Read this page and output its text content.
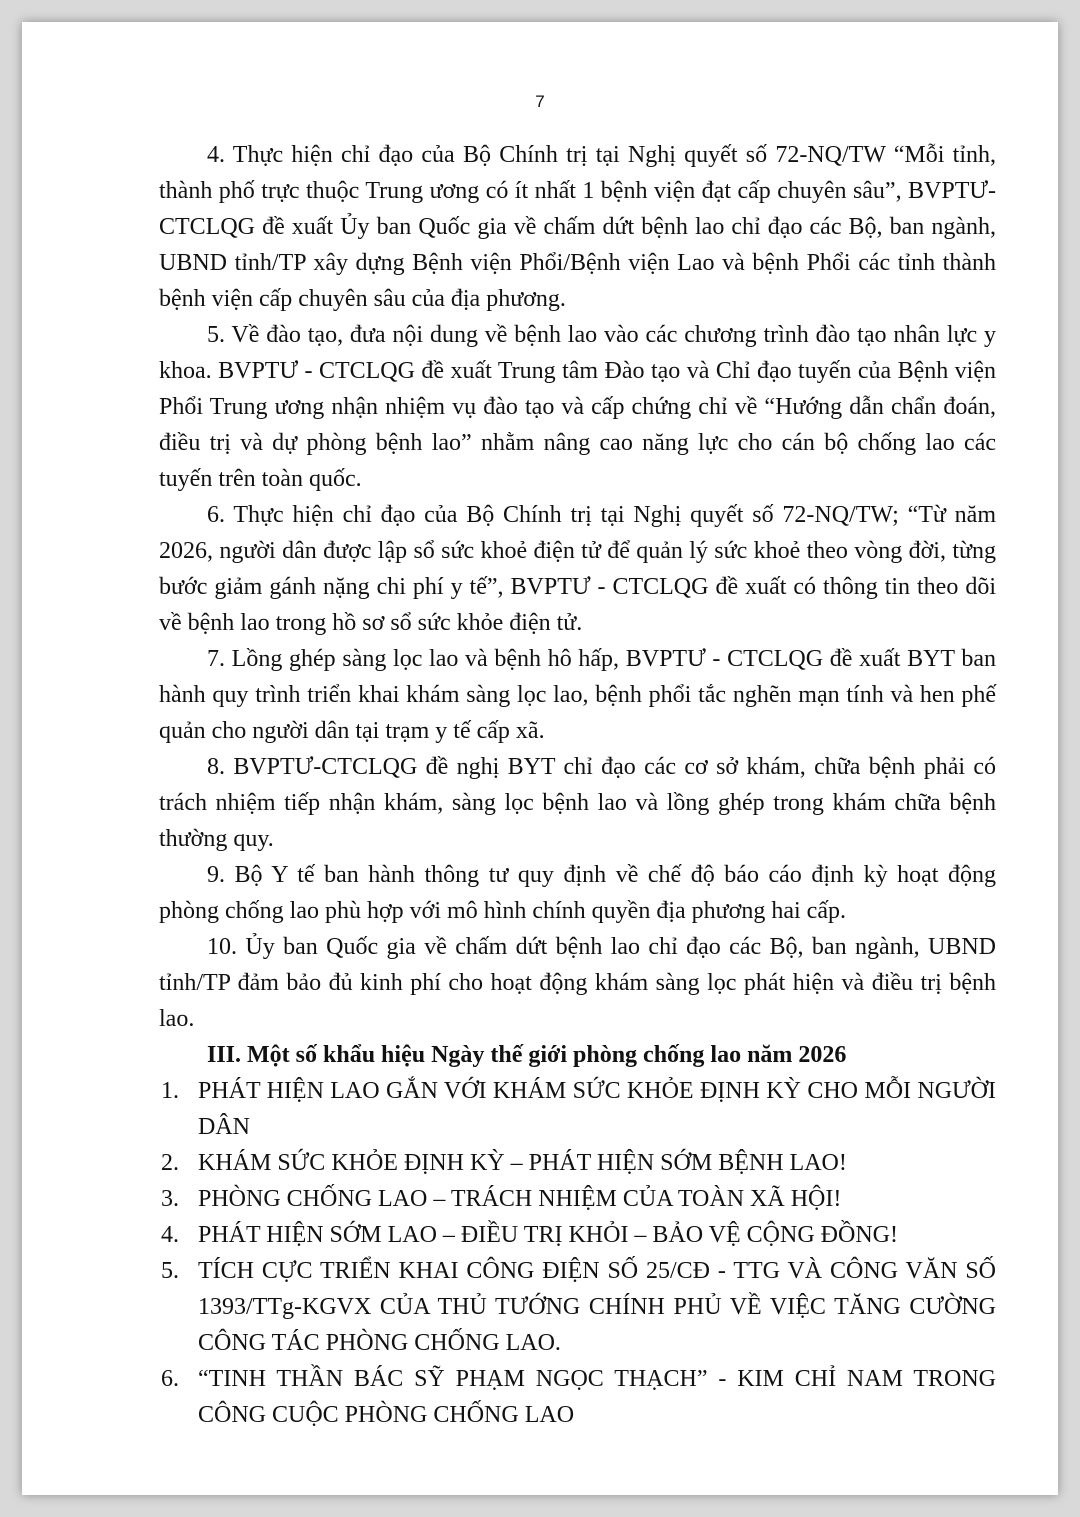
7

4. Thực hiện chỉ đạo của Bộ Chính trị tại Nghị quyết số 72-NQ/TW “Mỗi tỉnh, thành phố trực thuộc Trung ương có ít nhất 1 bệnh viện đạt cấp chuyên sâu”, BVPTƯ-CTCLQG đề xuất Ủy ban Quốc gia về chấm dứt bệnh lao chỉ đạo các Bộ, ban ngành, UBND tỉnh/TP xây dựng Bệnh viện Phổi/Bệnh viện Lao và bệnh Phổi các tỉnh thành bệnh viện cấp chuyên sâu của địa phương.

5. Về đào tạo, đưa nội dung về bệnh lao vào các chương trình đào tạo nhân lực y khoa. BVPTƯ - CTCLQG đề xuất Trung tâm Đào tạo và Chỉ đạo tuyến của Bệnh viện Phổi Trung ương nhận nhiệm vụ đào tạo và cấp chứng chỉ về “Hướng dẫn chẩn đoán, điều trị và dự phòng bệnh lao” nhằm nâng cao năng lực cho cán bộ chống lao các tuyến trên toàn quốc.

6. Thực hiện chỉ đạo của Bộ Chính trị tại Nghị quyết số 72-NQ/TW; “Từ năm 2026, người dân được lập sổ sức khoẻ điện tử để quản lý sức khoẻ theo vòng đời, từng bước giảm gánh nặng chi phí y tế”, BVPTƯ - CTCLQG đề xuất có thông tin theo dõi về bệnh lao trong hồ sơ sổ sức khỏe điện tử.

7. Lồng ghép sàng lọc lao và bệnh hô hấp, BVPTƯ - CTCLQG đề xuất BYT ban hành quy trình triển khai khám sàng lọc lao, bệnh phổi tắc nghẽn mạn tính và hen phế quản cho người dân tại trạm y tế cấp xã.

8. BVPTƯ-CTCLQG đề nghị BYT chỉ đạo các cơ sở khám, chữa bệnh phải có trách nhiệm tiếp nhận khám, sàng lọc bệnh lao và lồng ghép trong khám chữa bệnh thường quy.

9. Bộ Y tế ban hành thông tư quy định về chế độ báo cáo định kỳ hoạt động phòng chống lao phù hợp với mô hình chính quyền địa phương hai cấp.

10. Ủy ban Quốc gia về chấm dứt bệnh lao chỉ đạo các Bộ, ban ngành, UBND tỉnh/TP đảm bảo đủ kinh phí cho hoạt động khám sàng lọc phát hiện và điều trị bệnh lao.

III. Một số khẩu hiệu Ngày thế giới phòng chống lao năm 2026

1. PHÁT HIỆN LAO GẮN VỚI KHÁM SỨC KHỎE ĐỊNH KỲ CHO MỖI NGƯỜI DÂN
2. KHÁM SỨC KHỎE ĐỊNH KỲ – PHÁT HIỆN SỚM BỆNH LAO!
3. PHÒNG CHỐNG LAO – TRÁCH NHIỆM CỦA TOÀN XÃ HỘI!
4. PHÁT HIỆN SỚM LAO – ĐIỀU TRỊ KHỎI – BẢO VỆ CỘNG ĐỒNG!
5. TÍCH CỰC TRIỂN KHAI CÔNG ĐIỆN SỐ 25/CĐ - TTG VÀ CÔNG VĂN SỐ 1393/TTg-KGVX CỦA THỦ TƯỚNG CHÍNH PHỦ VỀ VIỆC TĂNG CƯỜNG CÔNG TÁC PHÒNG CHỐNG LAO.
6. “TINH THẦN BÁC SỸ PHẠM NGỌC THẠCH” - KIM CHỈ NAM TRONG CÔNG CUỘC PHÒNG CHỐNG LAO
